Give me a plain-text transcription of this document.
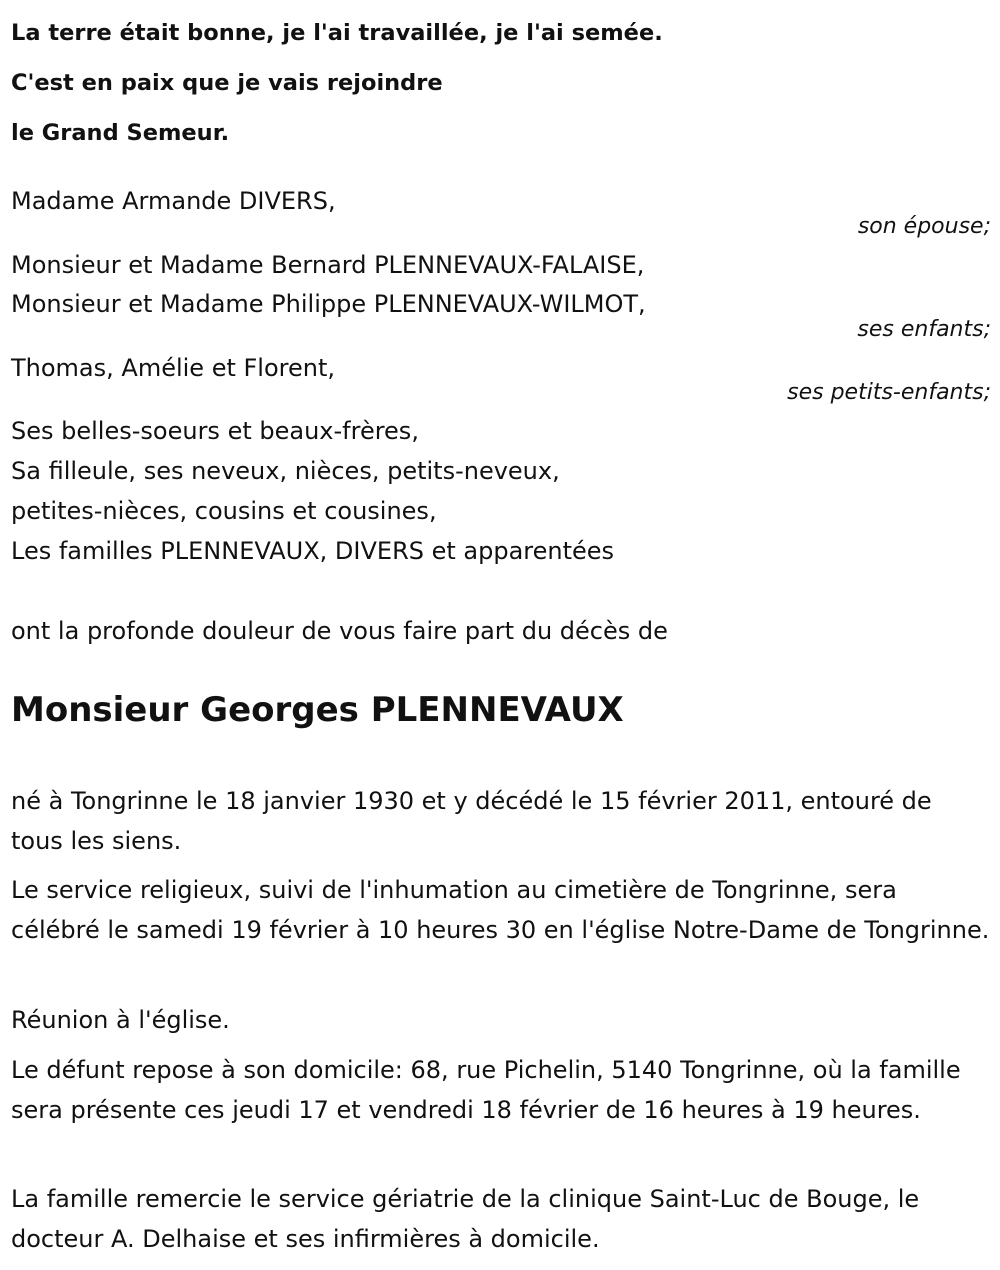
La terre était bonne, je l'ai travaillée, je l'ai semée.
C'est en paix que je vais rejoindre
le Grand Semeur.
Madame Armande DIVERS,
son épouse;
Monsieur et Madame Bernard PLENNEVAUX-FALAISE,
Monsieur et Madame Philippe PLENNEVAUX-WILMOT,
ses enfants;
Thomas, Amélie et Florent,
ses petits-enfants;
Ses belles-soeurs et beaux-frères,
Sa filleule, ses neveux, nièces, petits-neveux,
petites-nièces, cousins et cousines,
Les familles PLENNEVAUX, DIVERS et apparentées
ont la profonde douleur de vous faire part du décès de
Monsieur Georges PLENNEVAUX
né à Tongrinne le 18 janvier 1930 et y décédé le 15 février 2011, entouré de tous les siens.
Le service religieux, suivi de l'inhumation au cimetière de Tongrinne, sera célébré le samedi 19 février à 10 heures 30 en l'église Notre-Dame de Tongrinne.
Réunion à l'église.
Le défunt repose à son domicile: 68, rue Pichelin, 5140 Tongrinne, où la famille sera présente ces jeudi 17 et vendredi 18 février de 16 heures à 19 heures.
La famille remercie le service gériatrie de la clinique Saint-Luc de Bouge, le docteur A. Delhaise et ses infirmières à domicile.
